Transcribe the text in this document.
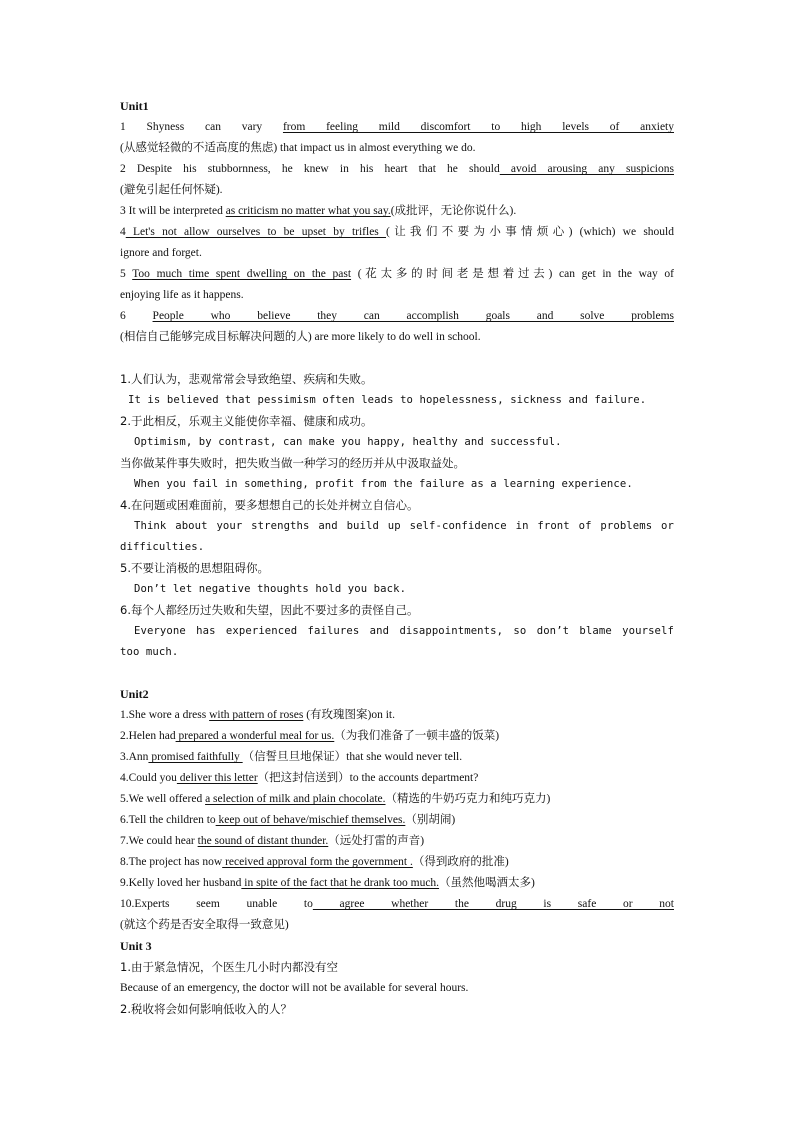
Unit1
1 Shyness can vary from feeling mild discomfort to high levels of anxiety
(从感觉轻微的不适高度的焦虑) that impact us in almost everything we do.
2 Despite his stubbornness, he knew in his heart that he should avoid arousing any suspicions
(避免引起任何怀疑).
3 It will be interpreted as criticism no matter what you say.(成批评，无论你说什么).
4 Let's not allow ourselves to be upset by trifles (让我们不要为小事情烦心) (which) we should
ignore and forget.
5 Too much time spent dwelling on the past (花太多的时间老是想着过去) can get in the way of
enjoying life as it happens.
6 People who believe they can accomplish goals and solve problems
(相信自己能够完成目标解决问题的人) are more likely to do well in school.
1.人们认为，悲观常常会导致绝望、疾病和失败。
It is believed that pessimism often leads to hopelessness, sickness and failure.
2.于此相反，乐观主义能使你幸福、健康和成功。
Optimism, by contrast, can make you happy, healthy and successful.
当你做某件事失败时，把失败当做一种学习的经历并从中汲取益处。
When you fail in something, profit from the failure as a learning experience.
4.在问题或困难面前，要多想想自己的长处并树立自信心。
Think about your strengths and build up self-confidence in front of problems or
difficulties.
5.不要让消极的思想阻碍你。
Don’t let negative thoughts hold you back.
6.每个人都经历过失败和失望，因此不要过多的责怪自己。
Everyone has experienced failures and disappointments, so don’t blame yourself
too much.
Unit2
1.She wore a dress with pattern of roses (有玫瑰图案)on it.
2.Helen had prepared a wonderful meal for us.（为我们准备了一顿丰盛的饭菜)
3.Ann promised faithfully （信誓旦旦地保证）that she would never tell.
4.Could you deliver this letter（把这封信送到）to the accounts department?
5.We well offered a selection of milk and plain chocolate.（精选的牛奶巧克力和纯巧克力)
6.Tell the children to keep out of behave/mischief themselves.（别胡闹)
7.We could hear the sound of distant thunder.（远处打雷的声音)
8.The project has now received approval form the government .（得到政府的批准)
9.Kelly loved her husband in spite of the fact that he drank too much.（虽然他喝酒太多)
10.Experts seem unable to agree whether the drug is safe or not
(就这个药是否安全取得一致意见)
Unit 3
1.由于紧急情况，个医生几小时内都没有空
Because of an emergency, the doctor will not be available for several hours.
2.税收将会如何影响低收入的人？
